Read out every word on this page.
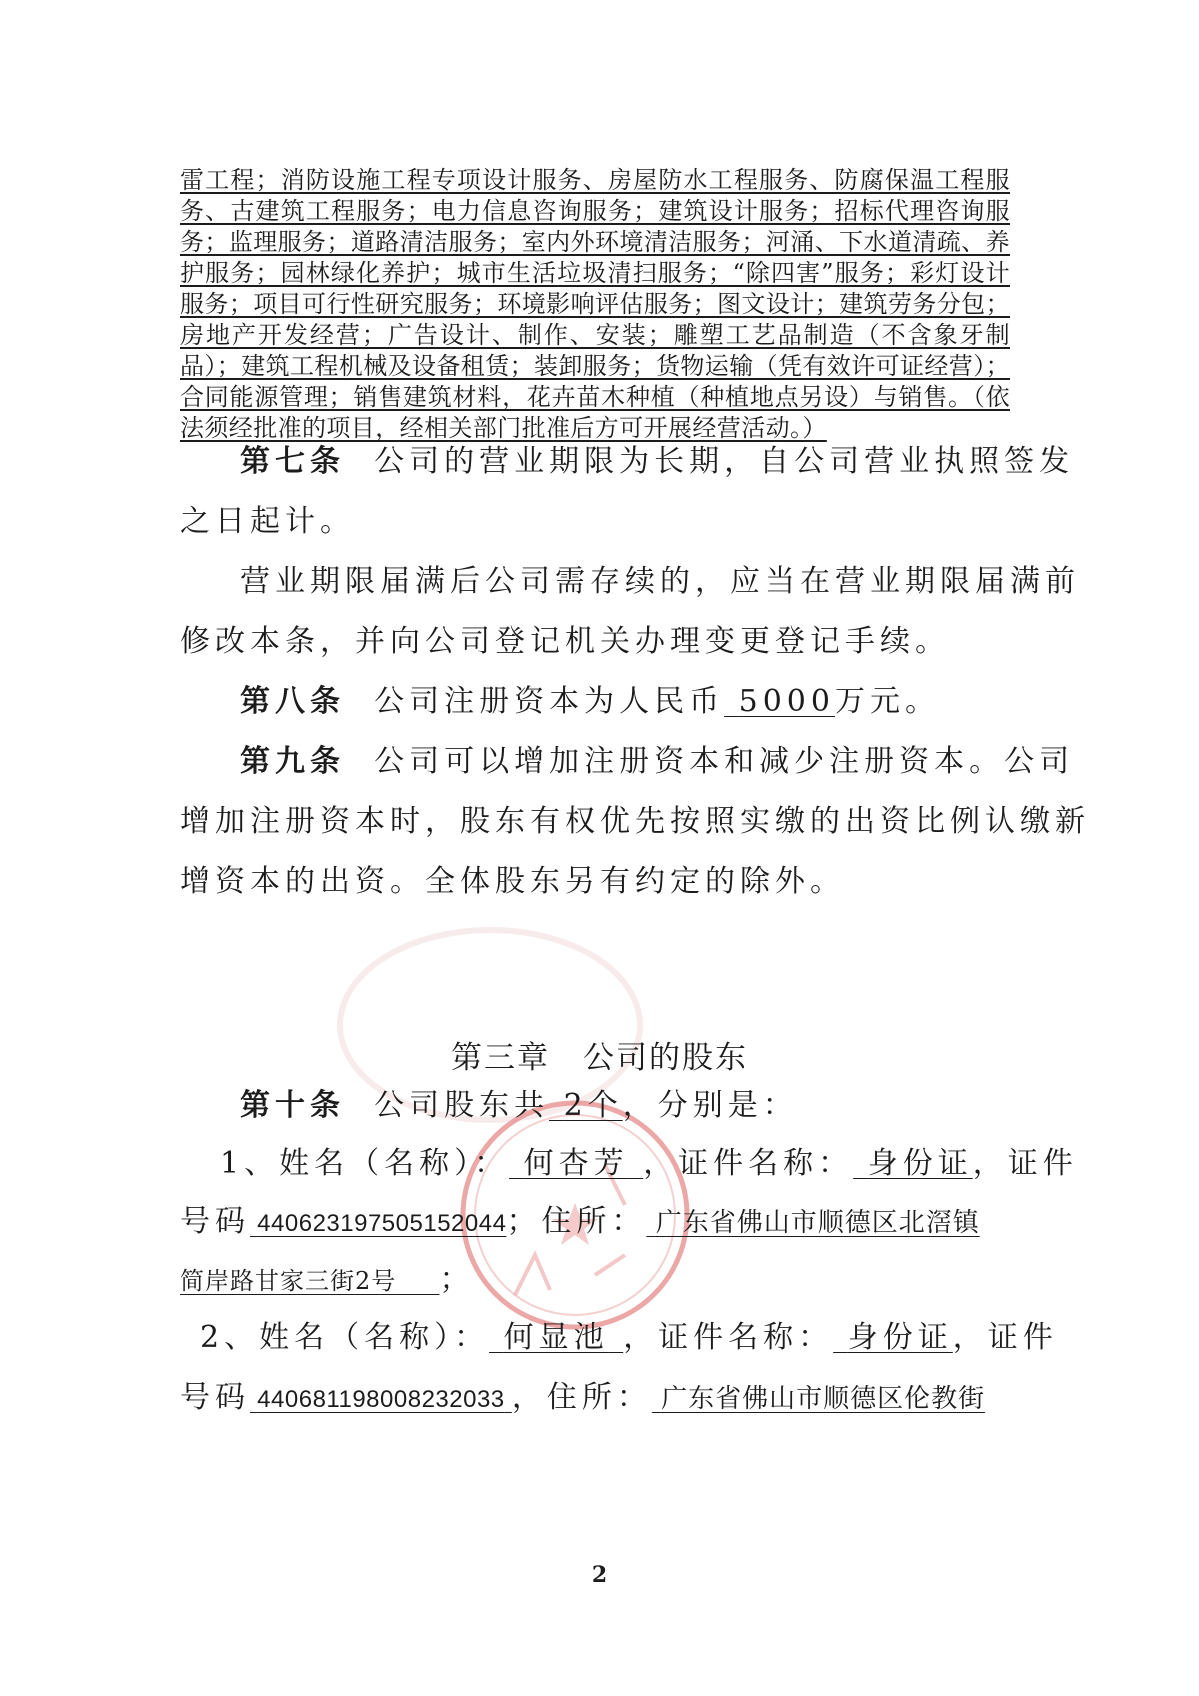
雷工程；消防设施工程专项设计服务、房屋防水工程服务、防腐保温工程服务、古建筑工程服务；电力信息咨询服务；建筑设计服务；招标代理咨询服务；监理服务；道路清洁服务；室内外环境清洁服务；河涌、下水道清疏、养护服务；园林绿化养护；城市生活垃圾清扫服务；“除四害”服务；彩灯设计服务；项目可行性研究服务；环境影响评估服务；图文设计；建筑劳务分包；房地产开发经营；广告设计、制作、安装；雕塑工艺品制造（不含象牙制品）；建筑工程机械及设备租赁；装卸服务；货物运输（凭有效许可证经营）；合同能源管理；销售建筑材料，花卉苗木种植（种植地点另设）与销售。（依法须经批准的项目，经相关部门批准后方可开展经营活动。）
第七条 公司的营业期限为长期，自公司营业执照签发
之日起计。
营业期限届满后公司需存续的，应当在营业期限届满前
修改本条，并向公司登记机关办理变更登记手续。
第八条 公司注册资本为人民币 5000万元。
第九条 公司可以增加注册资本和减少注册资本。公司
增加注册资本时，股东有权优先按照实缴的出资比例认缴新
增资本的出资。全体股东另有约定的除外。
第三章　公司的股东
第十条 公司股东共 2个，分别是：
1、姓名（名称）： 何杏芳 ，证件名称： 身份证，证件
号码 440623197505152044；住所： 广东省佛山市顺德区北滘镇
简岸路甘家三街2号 ；
2、姓名（名称）： 何显池 ，证件名称： 身份证，证件
号码 440681198008232033 ，住所： 广东省佛山市顺德区伦教街
2
